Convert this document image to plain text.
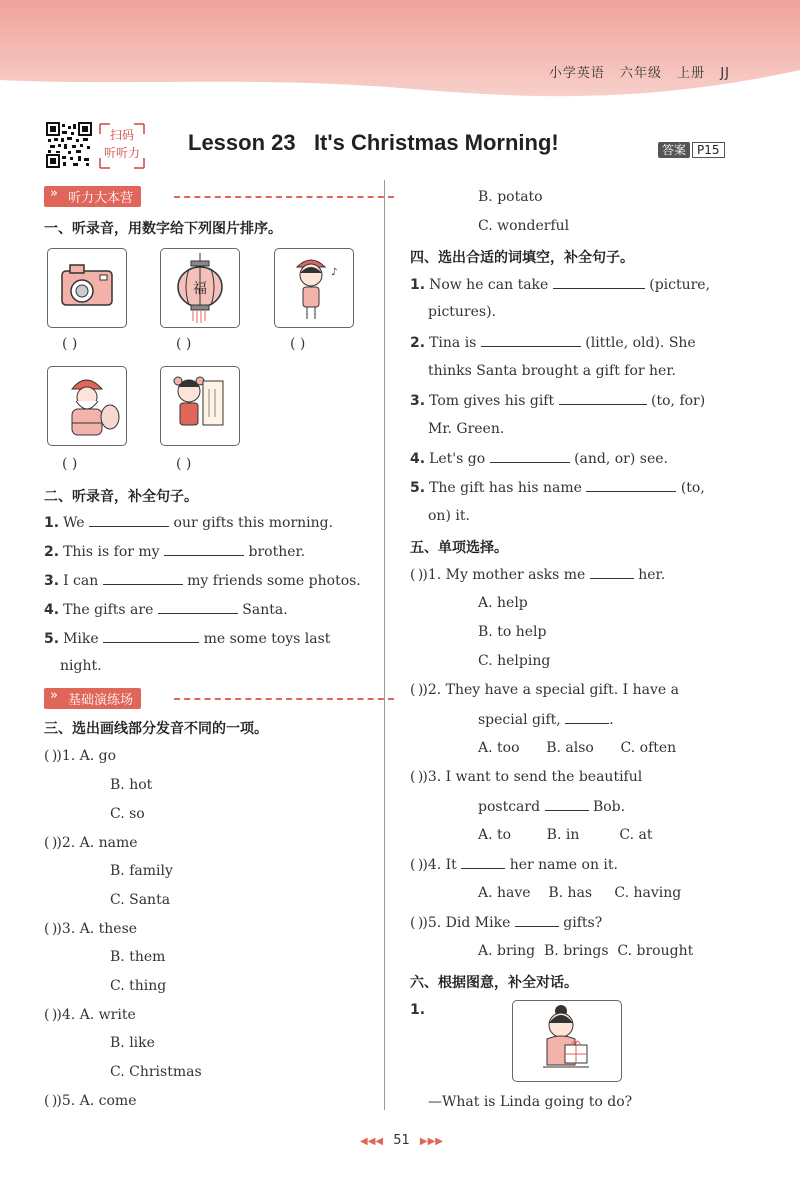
小学英语 六年级 上册 JJ
扫码
听听力 Lesson 23   It's Christmas Morning!	答案 P15
» 听力大本营
一、听录音，用数字给下列图片排序。
福
♪
( )	( )	( )
( )	( )
二、听录音，补全句子。
1. We	our gifts this morning.
2. This is for my	brother.
3. I can	my friends some photos.
4. The gifts are	Santa.
5. Mike	me some toys last
night.
» 基础演练场
三、选出画线部分发音不同的一项。
( ))1. A. go
B. hot
C. so
( ))2. A. name
B. family
C. Santa
( ))3. A. these
B. them
C. thing
( ))4. A. write
B. like
C. Christmas
( ))5. A. come
B. potato
C. wonderful
四、选出合适的词填空，补全句子。
1. Now he can take	(picture,
pictures).
2. Tina is	(little, old). She
thinks Santa brought a gift for her.
3. Tom gives his gift	(to, for)
Mr. Green.
4. Let's go	(and, or) see.
5. The gift has his name	(to,
on) it.
五、单项选择。
( ))1. My mother asks me	her.
A. help
B. to help
C. helping
( ))2. They have a special gift. I have a
special gift,	.
A. too      B. also      C. often
( ))3. I want to send the beautiful
postcard	Bob.
A. to        B. in         C. at
( ))4. It	her name on it.
A. have    B. has     C. having
( ))5. Did Mike	gifts?
A. bring  B. brings  C. brought
六、根据图意，补全对话。
1.
—What is Linda going to do?
◀◀◀ 51 ▶▶▶
